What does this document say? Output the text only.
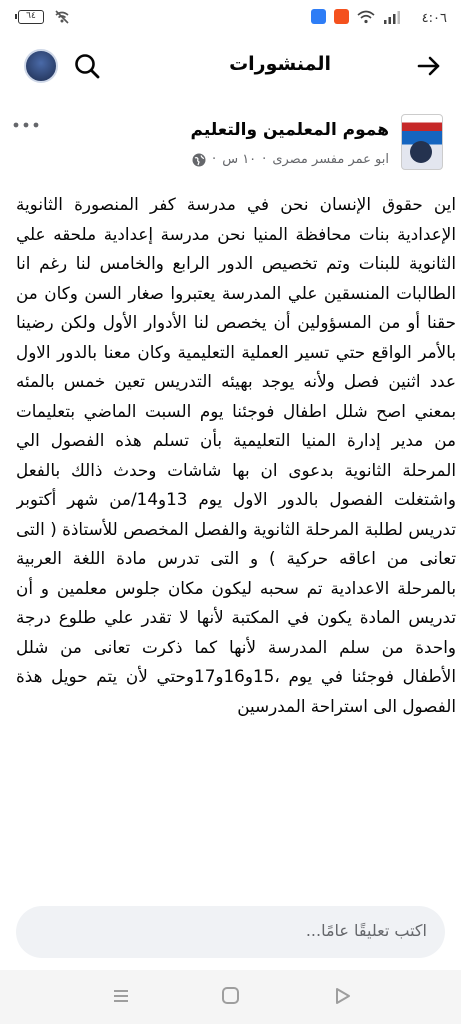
٦٤	٤:٠٦
المنشورات
هموم المعلمين والتعليم
ابو عمر مفسر مصرى
·
١٠ س
·

اين حقوق الإنسان نحن في مدرسة كفر المنصورة الثانوية الإعدادية بنات محافظة المنيا نحن مدرسة إعدادية ملحقه علي الثانوية للبنات وتم تخصيص الدور الرابع والخامس لنا رغم انا الطالبات المنسقين علي المدرسة يعتبروا صغار السن وكان من حقنا أو من المسؤولين أن يخصص لنا الأدوار الأول ولكن رضينا بالأمر الواقع حتي تسير العملية التعليمية وكان معنا بالدور الاول عدد اثنين فصل ولأنه يوجد بهيئه التدريس تعين خمس بالمئه بمعني اصح شلل اطفال فوجئنا يوم السبت الماضي بتعليمات من مدير إدارة المنيا التعليمية بأن تسلم هذه الفصول الي المرحلة الثانوية بدعوى ان بها شاشات وحدث ذالك بالفعل واشتغلت الفصول بالدور الاول يوم 13و14/من شهر أكتوبر تدريس لطلبة المرحلة الثانوية والفصل المخصص للأستاذة ( التى تعانى من اعاقه حركية ) و التى تدرس مادة اللغة العربية بالمرحلة الاعدادية تم سحبه ليكون مكان جلوس معلمين و أن تدريس المادة يكون في المكتبة لأنها لا تقدر علي طلوع درجة واحدة من سلم المدرسة لأنها كما ذكرت تعانى من شلل الأطفال فوجئنا في يوم ،15و16و17وحتي لأن يتم حويل هذة الفصول الى استراحة المدرسين

اكتب تعليقًا عامًا...
